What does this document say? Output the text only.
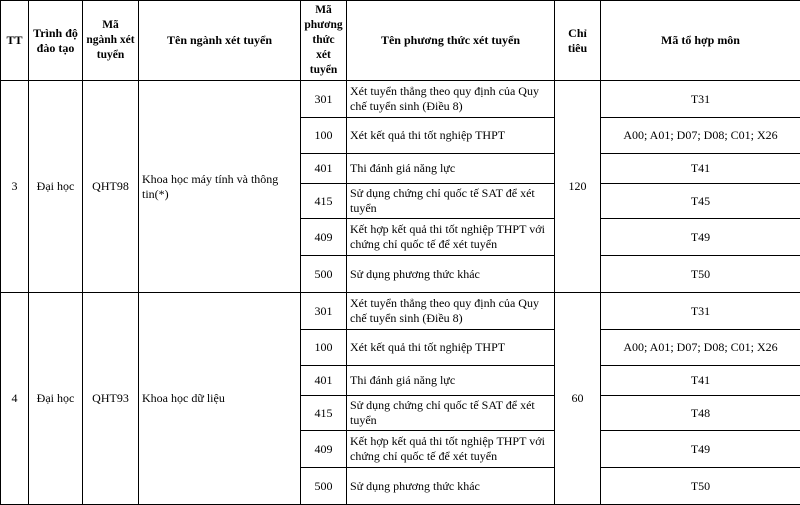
TT	Trình độ đào tạo	Mã ngành xét tuyển	Tên ngành xét tuyển	Mã phương thức xét tuyển	Tên phương thức xét tuyển	Chỉ tiêu	Mã tổ hợp môn
3	Đại học	QHT98	Khoa học máy tính và thông tin(*)	301	Xét tuyển thẳng theo quy định của Quy chế tuyển sinh (Điều 8)	120	T31
				100	Xét kết quả thi tốt nghiệp THPT		A00; A01; D07; D08; C01; X26
				401	Thi đánh giá năng lực		T41
				415	Sử dụng chứng chỉ quốc tế SAT để xét tuyển		T45
				409	Kết hợp kết quả thi tốt nghiệp THPT với chứng chỉ quốc tế để xét tuyển		T49
				500	Sử dụng phương thức khác		T50
4	Đại học	QHT93	Khoa học dữ liệu	301	Xét tuyển thẳng theo quy định của Quy chế tuyển sinh (Điều 8)	60	T31
				100	Xét kết quả thi tốt nghiệp THPT		A00; A01; D07; D08; C01; X26
				401	Thi đánh giá năng lực		T41
				415	Sử dụng chứng chỉ quốc tế SAT để xét tuyển		T48
				409	Kết hợp kết quả thi tốt nghiệp THPT với chứng chỉ quốc tế để xét tuyển		T49
				500	Sử dụng phương thức khác		T50
